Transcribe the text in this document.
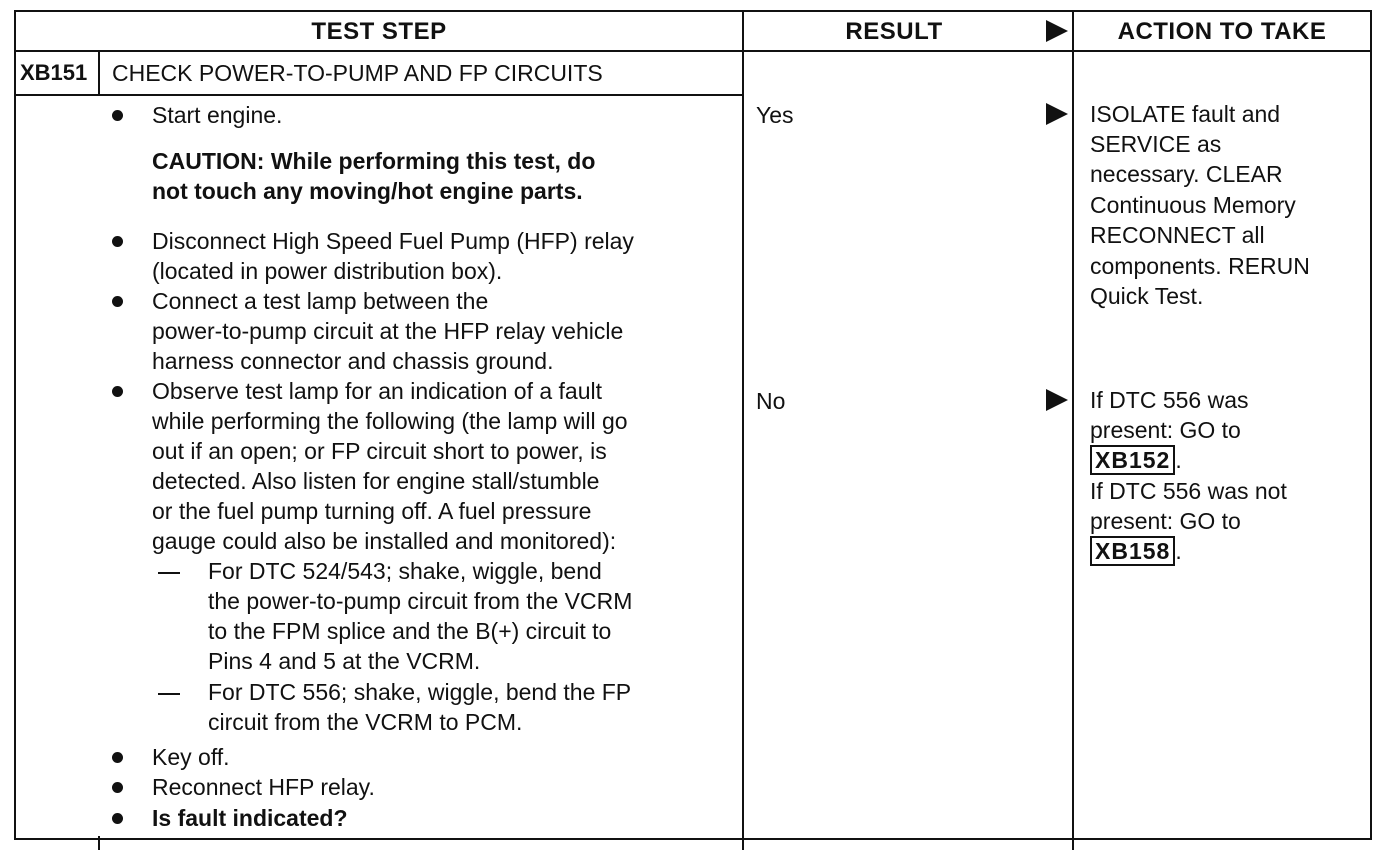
TEST STEP	RESULT	ACTION TO TAKE
XB151 CHECK POWER-TO-PUMP AND FP CIRCUITS
Start engine.
CAUTION: While performing this test, do
not touch any moving/hot engine parts.
Disconnect High Speed Fuel Pump (HFP) relay
(located in power distribution box).
Connect a test lamp between the
power-to-pump circuit at the HFP relay vehicle
harness connector and chassis ground.
Observe test lamp for an indication of a fault
while performing the following (the lamp will go
out if an open; or FP circuit short to power, is
detected. Also listen for engine stall/stumble
or the fuel pump turning off. A fuel pressure
gauge could also be installed and monitored):
For DTC 524/543; shake, wiggle, bend
the power-to-pump circuit from the VCRM
to the FPM splice and the B(+) circuit to
Pins 4 and 5 at the VCRM.
For DTC 556; shake, wiggle, bend the FP
circuit from the VCRM to PCM.
Key off.
Reconnect HFP relay.
Is fault indicated?
Yes
No
ISOLATE fault and
SERVICE as
necessary. CLEAR
Continuous Memory
RECONNECT all
components. RERUN
Quick Test.
If DTC 556 was
present: GO to
XB152 .
If DTC 556 was not
present: GO to
XB158 .
